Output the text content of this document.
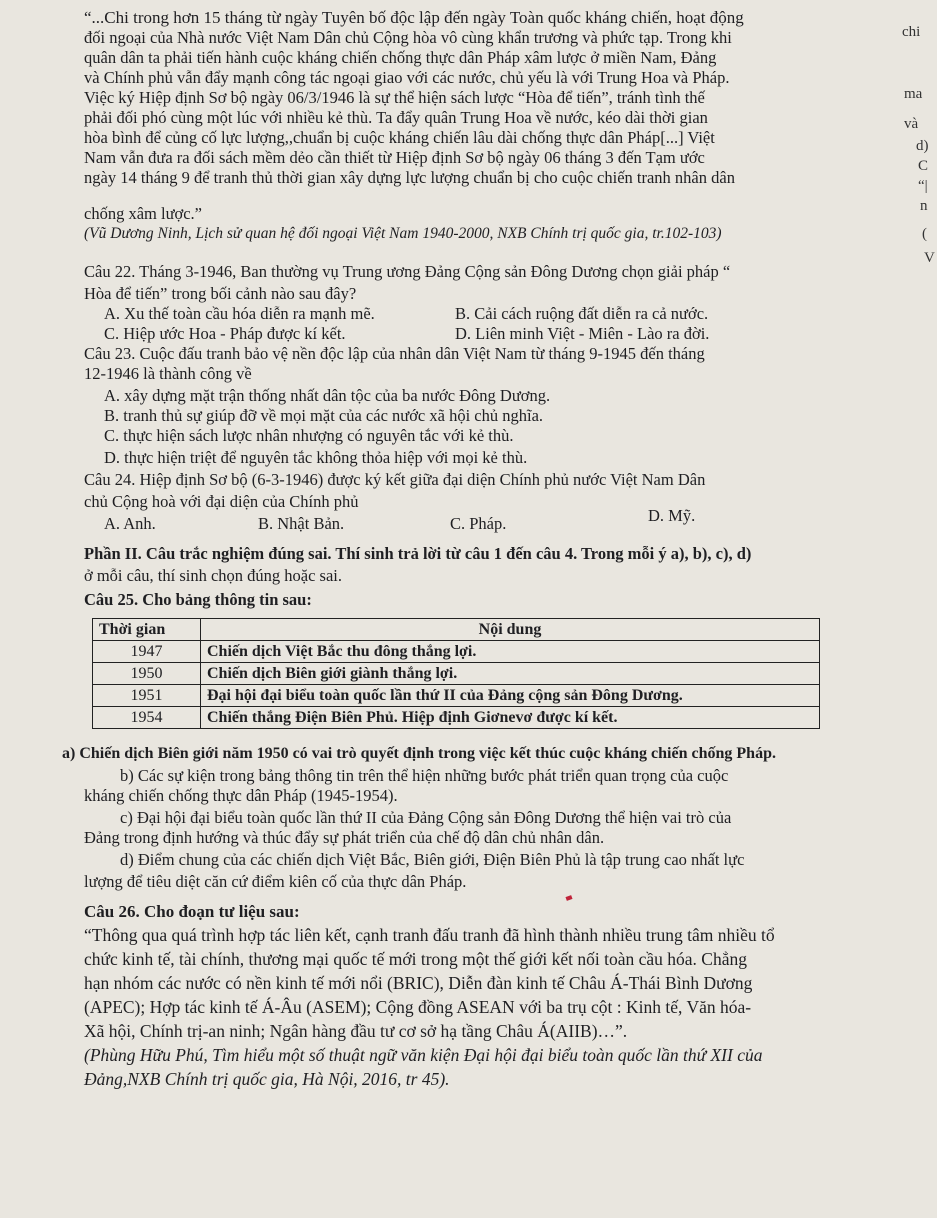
“...Chi trong hơn 15 tháng từ ngày Tuyên bố độc lập đến ngày Toàn quốc kháng chiến, hoạt động
đối ngoại của Nhà nước Việt Nam Dân chủ Cộng hòa vô cùng khẩn trương và phức tạp. Trong khi
quân dân ta phải tiến hành cuộc kháng chiến chống thực dân Pháp xâm lược ở miền Nam, Đảng
và Chính phủ vẫn đẩy mạnh công tác ngoại giao với các nước, chủ yếu là với Trung Hoa và Pháp.
Việc ký Hiệp định Sơ bộ ngày 06/3/1946 là sự thể hiện sách lược “Hòa để tiến”, tránh tình thế
phải đối phó cùng một lúc với nhiều kẻ thù. Ta đẩy quân Trung Hoa về nước, kéo dài thời gian
hòa bình để củng cố lực lượng,,chuẩn bị cuộc kháng chiến lâu dài chống thực dân Pháp[...] Việt
Nam vẫn đưa ra đối sách mềm dẻo cần thiết từ Hiệp định Sơ bộ ngày 06 tháng 3 đến Tạm ước
ngày 14 tháng 9 để tranh thủ thời gian xây dựng lực lượng chuẩn bị cho cuộc chiến tranh nhân dân
chống xâm lược.”
(Vũ Dương Ninh, Lịch sử quan hệ đối ngoại Việt Nam 1940-2000, NXB Chính trị quốc gia, tr.102-103)
chi
ma
và
d)
C
“|
n
(
V
Câu 22. Tháng 3-1946, Ban thường vụ Trung ương Đảng Cộng sản Đông Dương chọn giải pháp “
Hòa để tiến” trong bối cảnh nào sau đây?
A. Xu thế toàn cầu hóa diễn ra mạnh mẽ.	B. Cải cách ruộng đất diễn ra cả nước.
C. Hiệp ước Hoa - Pháp được kí kết.	D. Liên minh Việt - Miên - Lào ra đời.
Câu 23. Cuộc đấu tranh bảo vệ nền độc lập của nhân dân Việt Nam từ tháng 9-1945 đến tháng
12-1946 là thành công về
A. xây dựng mặt trận thống nhất dân tộc của ba nước Đông Dương.
B. tranh thủ sự giúp đỡ về mọi mặt của các nước xã hội chủ nghĩa.
C. thực hiện sách lược nhân nhượng có nguyên tắc với kẻ thù.
D. thực hiện triệt để nguyên tắc không thỏa hiệp với mọi kẻ thù.
Câu 24. Hiệp định Sơ bộ (6-3-1946) được ký kết giữa đại diện Chính phủ nước Việt Nam Dân
chủ Cộng hoà với đại diện của Chính phủ
A. Anh.	B. Nhật Bản.	C. Pháp.	D. Mỹ.
Phần II. Câu trắc nghiệm đúng sai. Thí sinh trả lời từ câu 1 đến câu 4. Trong mỗi ý a), b), c), d)
ở mỗi câu, thí sinh chọn đúng hoặc sai.
Câu 25. Cho bảng thông tin sau:
Thời gian	Nội dung
1947	Chiến dịch Việt Bắc thu đông thắng lợi.
1950	Chiến dịch Biên giới giành thắng lợi.
1951	Đại hội đại biểu toàn quốc lần thứ II của Đảng cộng sản Đông Dương.
1954	Chiến thắng Điện Biên Phủ. Hiệp định Giơnevơ được kí kết.
a) Chiến dịch Biên giới năm 1950 có vai trò quyết định trong việc kết thúc cuộc kháng chiến chống Pháp.
b) Các sự kiện trong bảng thông tin trên thể hiện những bước phát triển quan trọng của cuộc
kháng chiến chống thực dân Pháp (1945-1954).
c) Đại hội đại biểu toàn quốc lần thứ II của Đảng Cộng sản Đông Dương thể hiện vai trò của
Đảng trong định hướng và thúc đẩy sự phát triển của chế độ dân chủ nhân dân.
d) Điểm chung của các chiến dịch Việt Bắc, Biên giới, Điện Biên Phủ là tập trung cao nhất lực
lượng để tiêu diệt căn cứ điểm kiên cố của thực dân Pháp.
Câu 26. Cho đoạn tư liệu sau:
“Thông qua quá trình hợp tác liên kết, cạnh tranh đấu tranh đã hình thành nhiều trung tâm nhiều tổ
chức kinh tế, tài chính, thương mại quốc tế mới trong một thế giới kết nối toàn cầu hóa. Chẳng
hạn nhóm các nước có nền kinh tế mới nổi (BRIC), Diễn đàn kinh tế Châu Á-Thái Bình Dương
(APEC); Hợp tác kinh tế Á-Âu (ASEM); Cộng đồng ASEAN với ba trụ cột : Kinh tế, Văn hóa-
Xã hội, Chính trị-an ninh; Ngân hàng đầu tư cơ sở hạ tầng Châu Á(AIIB)…”.
(Phùng Hữu Phú, Tìm hiểu một số thuật ngữ văn kiện Đại hội đại biểu toàn quốc lần thứ XII của
Đảng,NXB Chính trị quốc gia, Hà Nội, 2016, tr 45).
